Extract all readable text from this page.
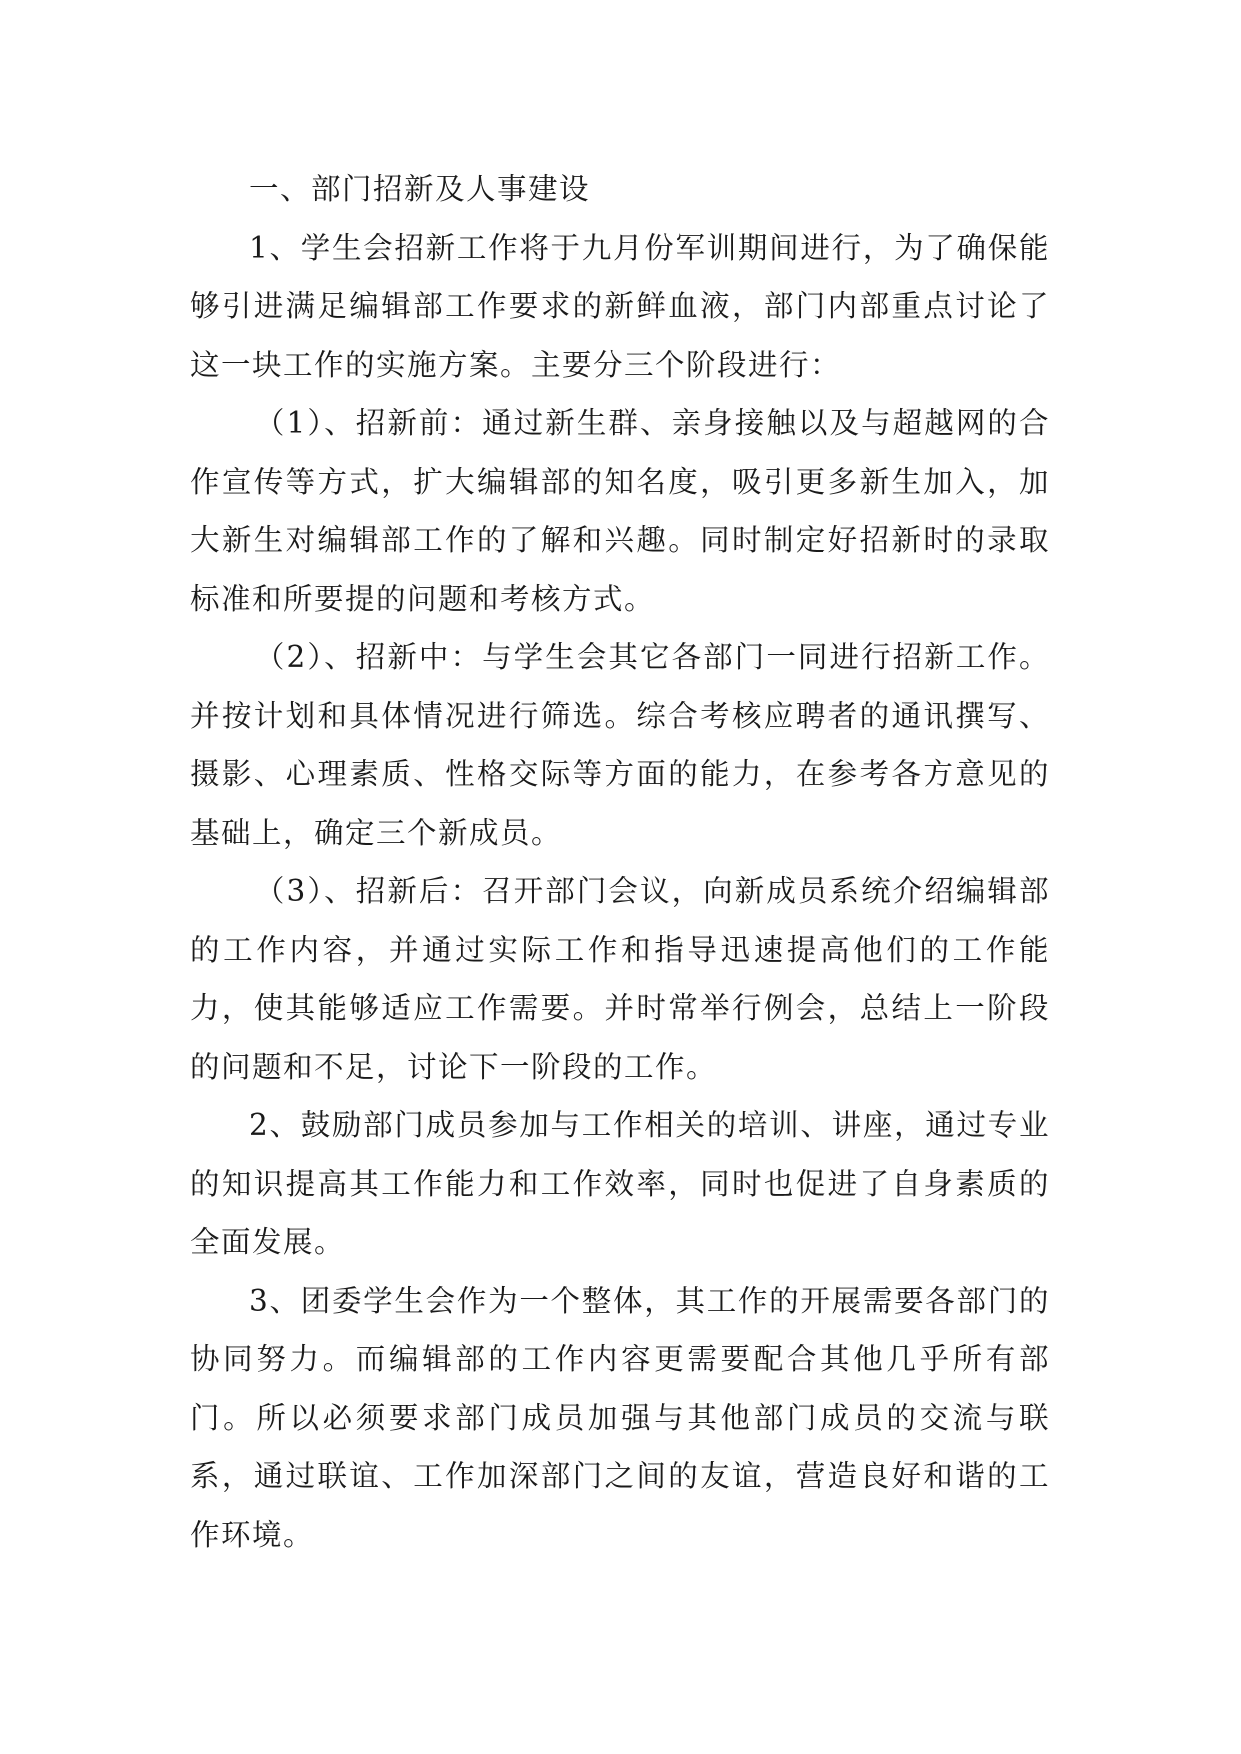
一、部门招新及人事建设

1、学生会招新工作将于九月份军训期间进行，为了确保能够引进满足编辑部工作要求的新鲜血液，部门内部重点讨论了这一块工作的实施方案。主要分三个阶段进行：

（1）、招新前：通过新生群、亲身接触以及与超越网的合作宣传等方式，扩大编辑部的知名度，吸引更多新生加入，加大新生对编辑部工作的了解和兴趣。同时制定好招新时的录取标准和所要提的问题和考核方式。

（2）、招新中：与学生会其它各部门一同进行招新工作。并按计划和具体情况进行筛选。综合考核应聘者的通讯撰写、摄影、心理素质、性格交际等方面的能力，在参考各方意见的基础上，确定三个新成员。

（3）、招新后：召开部门会议，向新成员系统介绍编辑部的工作内容，并通过实际工作和指导迅速提高他们的工作能力，使其能够适应工作需要。并时常举行例会，总结上一阶段的问题和不足，讨论下一阶段的工作。

2、鼓励部门成员参加与工作相关的培训、讲座，通过专业的知识提高其工作能力和工作效率，同时也促进了自身素质的全面发展。

3、团委学生会作为一个整体，其工作的开展需要各部门的协同努力。而编辑部的工作内容更需要配合其他几乎所有部门。所以必须要求部门成员加强与其他部门成员的交流与联系，通过联谊、工作加深部门之间的友谊，营造良好和谐的工作环境。
